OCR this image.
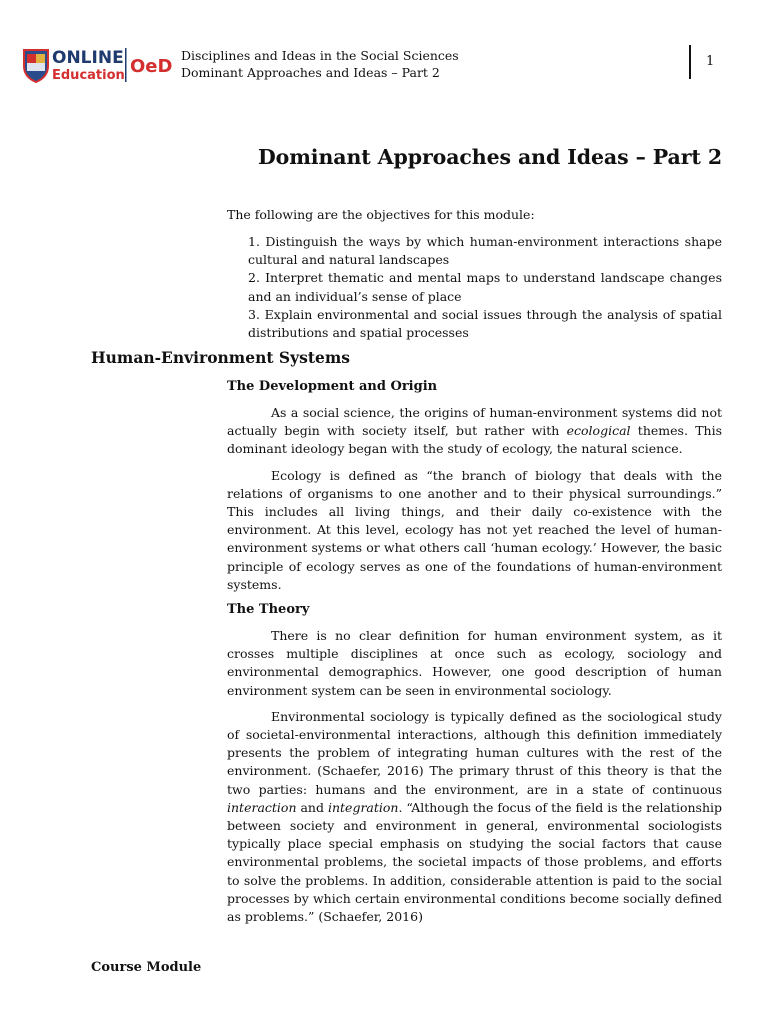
ONLINE
Education OeD
Disciplines and Ideas in the Social Sciences
Dominant Approaches and Ideas – Part 2
1
Dominant Approaches and Ideas – Part 2
The following are the objectives for this module:
1. Distinguish the ways by which human-environment interactions shape cultural and natural landscapes
2. Interpret thematic and mental maps to understand landscape changes and an individual’s sense of place
3. Explain environmental and social issues through the analysis of spatial distributions and spatial processes
Human-Environment Systems
The Development and Origin

As a social science, the origins of human-environment systems did not actually begin with society itself, but rather with ecological themes. This dominant ideology began with the study of ecology, the natural science.

Ecology is defined as “the branch of biology that deals with the relations of organisms to one another and to their physical surroundings.” This includes all living things, and their daily co-existence with the environment. At this level, ecology has not yet reached the level of human-environment systems or what others call ‘human ecology.’ However, the basic principle of ecology serves as one of the foundations of human-environment systems.

The Theory

There is no clear definition for human environment system, as it crosses multiple disciplines at once such as ecology, sociology and environmental demographics. However, one good description of human environment system can be seen in environmental sociology.

Environmental sociology is typically defined as the sociological study of societal-environmental interactions, although this definition immediately presents the problem of integrating human cultures with the rest of the environment. (Schaefer, 2016) The primary thrust of this theory is that the two parties: humans and the environment, are in a state of continuous interaction and integration. “Although the focus of the field is the relationship between society and environment in general, environmental sociologists typically place special emphasis on studying the social factors that cause environmental problems, the societal impacts of those problems, and efforts to solve the problems. In addition, considerable attention is paid to the social processes by which certain environmental conditions become socially defined as problems.” (Schaefer, 2016)

Course Module
